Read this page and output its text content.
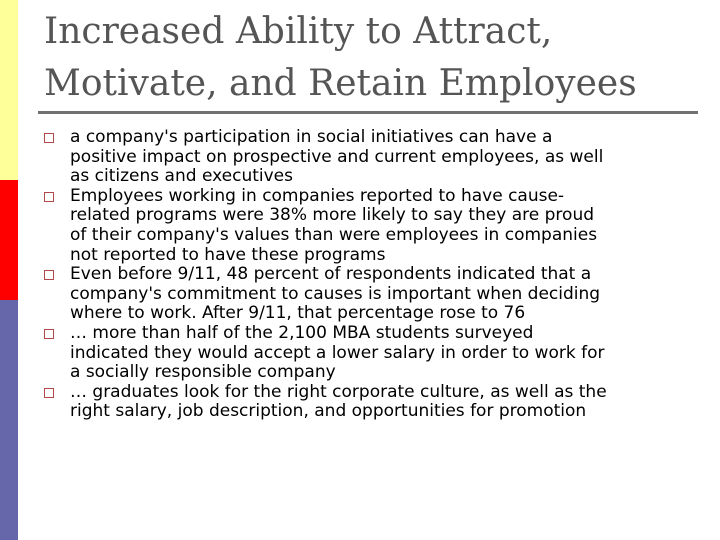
Increased Ability to Attract,
Motivate, and Retain Employees
a company's participation in social initiatives can have a
positive impact on prospective and current employees, as well
as citizens and executives
Employees working in companies reported to have cause-
related programs were 38% more likely to say they are proud
of their company's values than were employees in companies
not reported to have these programs
Even before 9/11, 48 percent of respondents indicated that a
company's commitment to causes is important when deciding
where to work. After 9/11, that percentage rose to 76
… more than half of the 2,100 MBA students surveyed
indicated they would accept a lower salary in order to work for
a socially responsible company
… graduates look for the right corporate culture, as well as the
right salary, job description, and opportunities for promotion
